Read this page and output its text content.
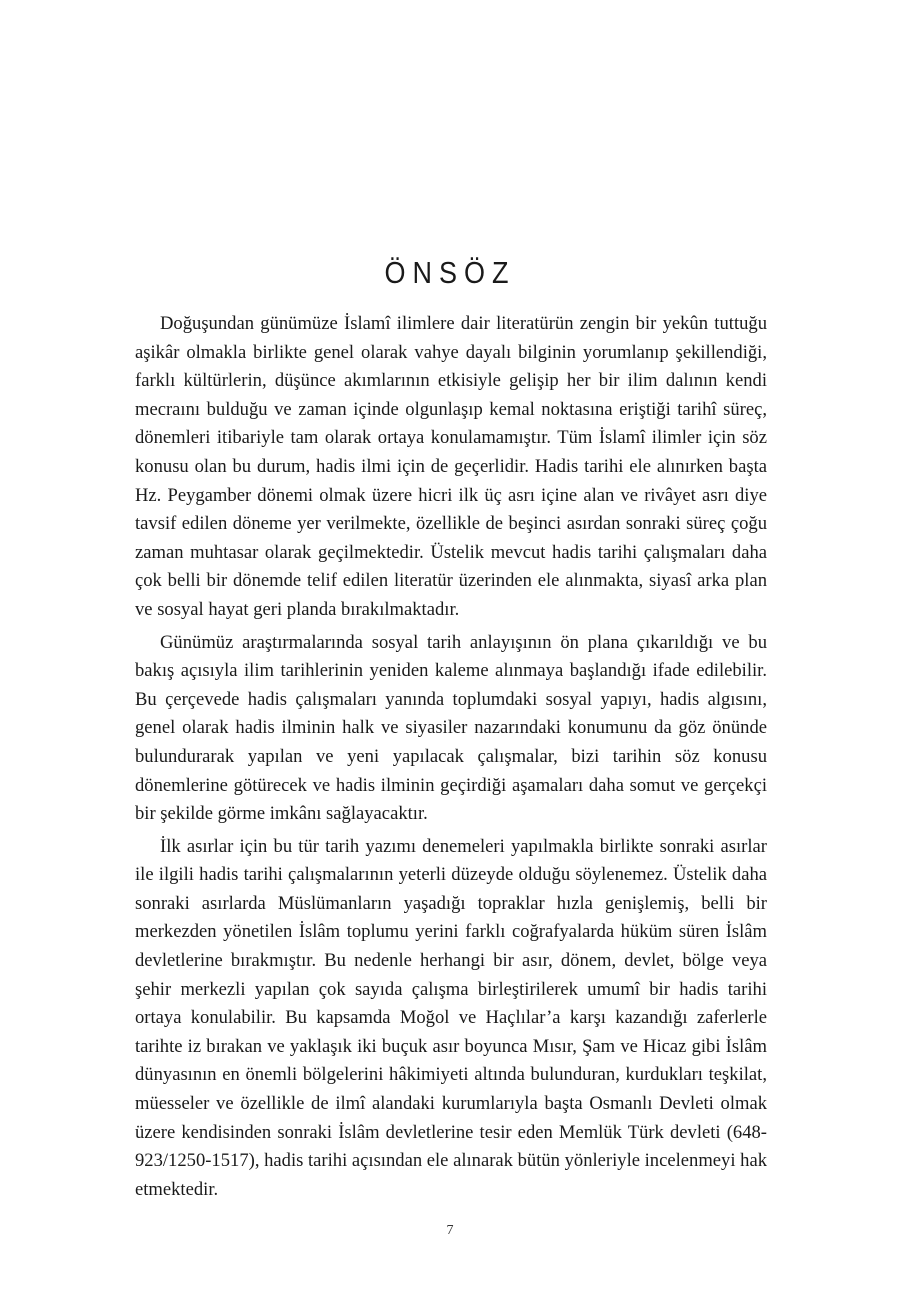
ÖNSÖZ

Doğuşundan günümüze İslamî ilimlere dair literatürün zengin bir yekûn tuttuğu aşikâr olmakla birlikte genel olarak vahye dayalı bilginin yorumlanıp şekillendiği, farklı kültürlerin, düşünce akımlarının etkisiyle gelişip her bir ilim dalının kendi mecraını bulduğu ve zaman içinde olgunlaşıp kemal noktasına eriştiği tarihî süreç, dönemleri itibariyle tam olarak ortaya konulamamıştır. Tüm İslamî ilimler için söz konusu olan bu durum, hadis ilmi için de geçerlidir. Hadis tarihi ele alınırken başta Hz. Peygamber dönemi olmak üzere hicri ilk üç asrı içine alan ve rivâyet asrı diye tavsif edilen döneme yer verilmekte, özellikle de beşinci asırdan sonraki süreç çoğu zaman muhtasar olarak geçilmektedir. Üstelik mevcut hadis tarihi çalışmaları daha çok belli bir dönemde telif edilen literatür üzerinden ele alınmakta, siyasî arka plan ve sosyal hayat geri planda bırakılmaktadır.

Günümüz araştırmalarında sosyal tarih anlayışının ön plana çıkarıldığı ve bu bakış açısıyla ilim tarihlerinin yeniden kaleme alınmaya başlandığı ifade edilebilir. Bu çerçevede hadis çalışmaları yanında toplumdaki sosyal yapıyı, hadis algısını, genel olarak hadis ilminin halk ve siyasiler nazarındaki konumunu da göz önünde bulundurarak yapılan ve yeni yapılacak çalışmalar, bizi tarihin söz konusu dönemlerine götürecek ve hadis ilminin geçirdiği aşamaları daha somut ve gerçekçi bir şekilde görme imkânı sağlayacaktır.

İlk asırlar için bu tür tarih yazımı denemeleri yapılmakla birlikte sonraki asırlar ile ilgili hadis tarihi çalışmalarının yeterli düzeyde olduğu söylenemez. Üstelik daha sonraki asırlarda Müslümanların yaşadığı topraklar hızla genişlemiş, belli bir merkezden yönetilen İslâm toplumu yerini farklı coğrafyalarda hüküm süren İslâm devletlerine bırakmıştır. Bu nedenle herhangi bir asır, dönem, devlet, bölge veya şehir merkezli yapılan çok sayıda çalışma birleştirilerek umumî bir hadis tarihi ortaya konulabilir. Bu kapsamda Moğol ve Haçlılar’a karşı kazandığı zaferlerle tarihte iz bırakan ve yaklaşık iki buçuk asır boyunca Mısır, Şam ve Hicaz gibi İslâm dünyasının en önemli bölgelerini hâkimiyeti altında bulunduran, kurdukları teşkilat, müesseler ve özellikle de ilmî alandaki kurumlarıyla başta Osmanlı Devleti olmak üzere kendisinden sonraki İslâm devletlerine tesir eden Memlük Türk devleti (648-923/1250-1517), hadis tarihi açısından ele alınarak bütün yönleriyle incelenmeyi hak etmektedir.

7
